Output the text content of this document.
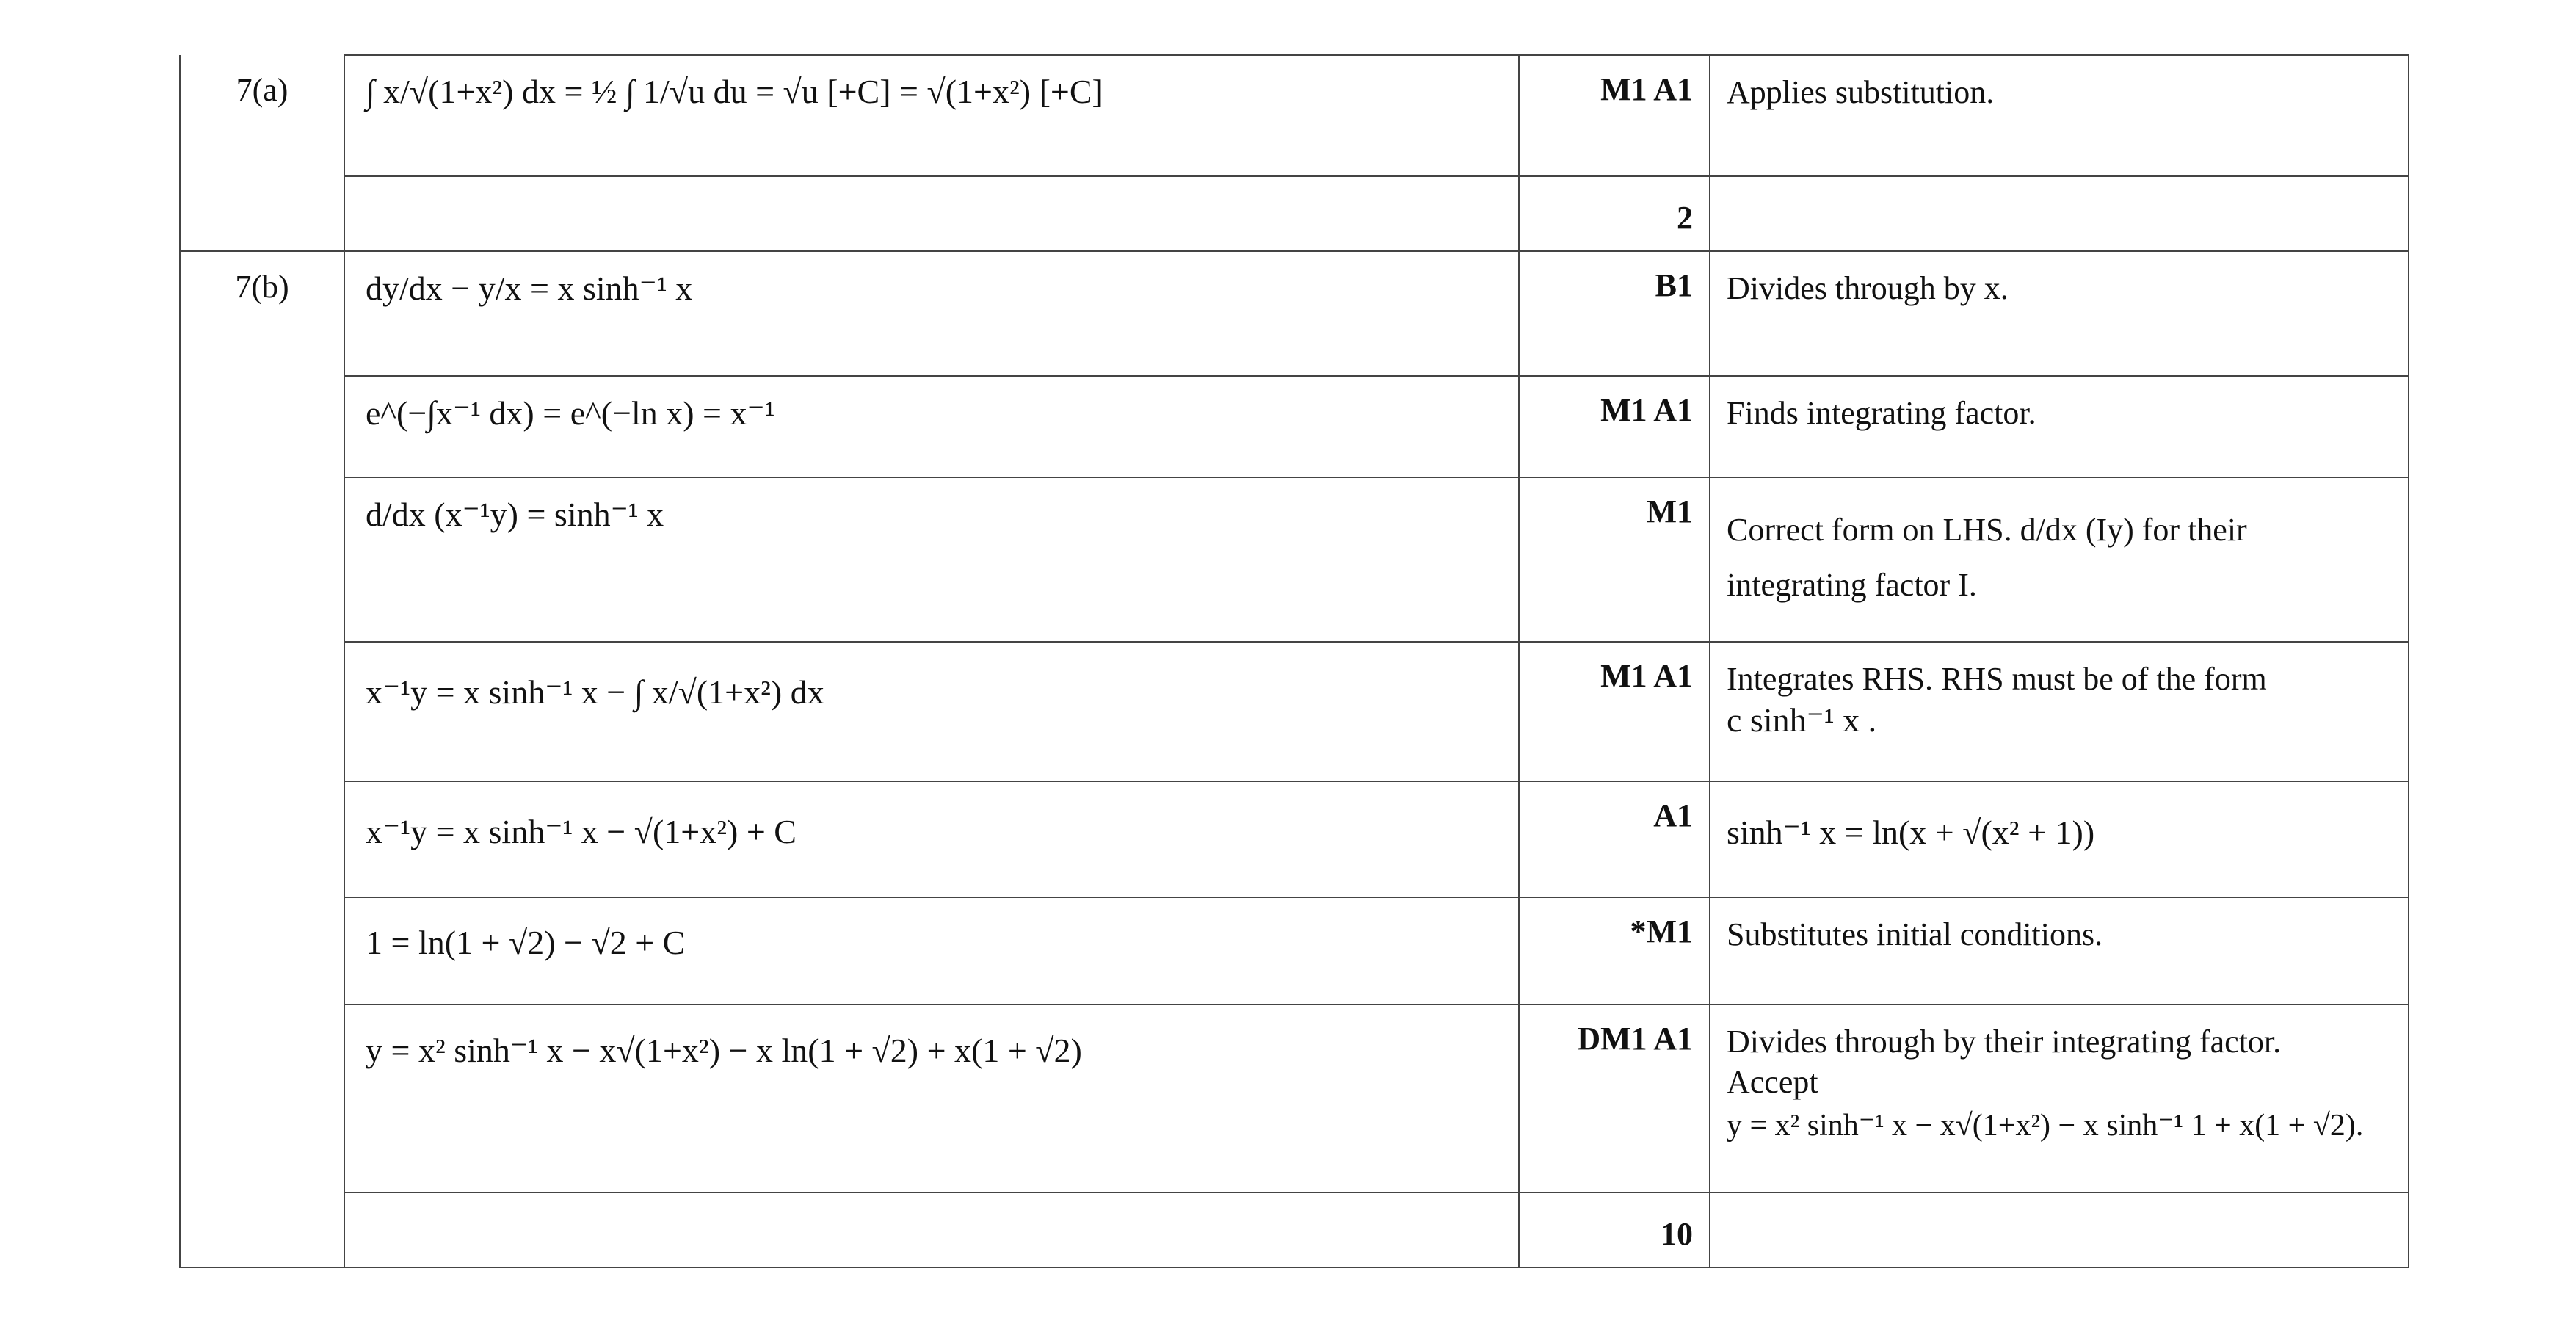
7(a)	∫ x/√(1+x²) dx = ½ ∫ 1/√u du = √u [+C] = √(1+x²) [+C]	M1 A1	Applies substitution.
		2	
7(b)	dy/dx − y/x = x sinh⁻¹ x	B1	Divides through by x.
	e^(−∫x⁻¹ dx) = e^(−ln x) = x⁻¹	M1 A1	Finds integrating factor.
	d/dx (x⁻¹y) = sinh⁻¹ x	M1	Correct form on LHS. d/dx (Iy) for their
integrating factor I.

	x⁻¹y = x sinh⁻¹ x − ∫ x/√(1+x²) dx	M1 A1	Integrates RHS. RHS must be of the form
c sinh⁻¹ x .

	x⁻¹y = x sinh⁻¹ x − √(1+x²) + C	A1	sinh⁻¹ x = ln(x + √(x² + 1))
	1 = ln(1 + √2) − √2 + C	*M1	Substitutes initial conditions.
	y = x² sinh⁻¹ x − x√(1+x²) − x ln(1 + √2) + x(1 + √2)	DM1 A1	Divides through by their integrating factor.
Accept
y = x² sinh⁻¹ x − x√(1+x²) − x sinh⁻¹ 1 + x(1 + √2).

		10	
